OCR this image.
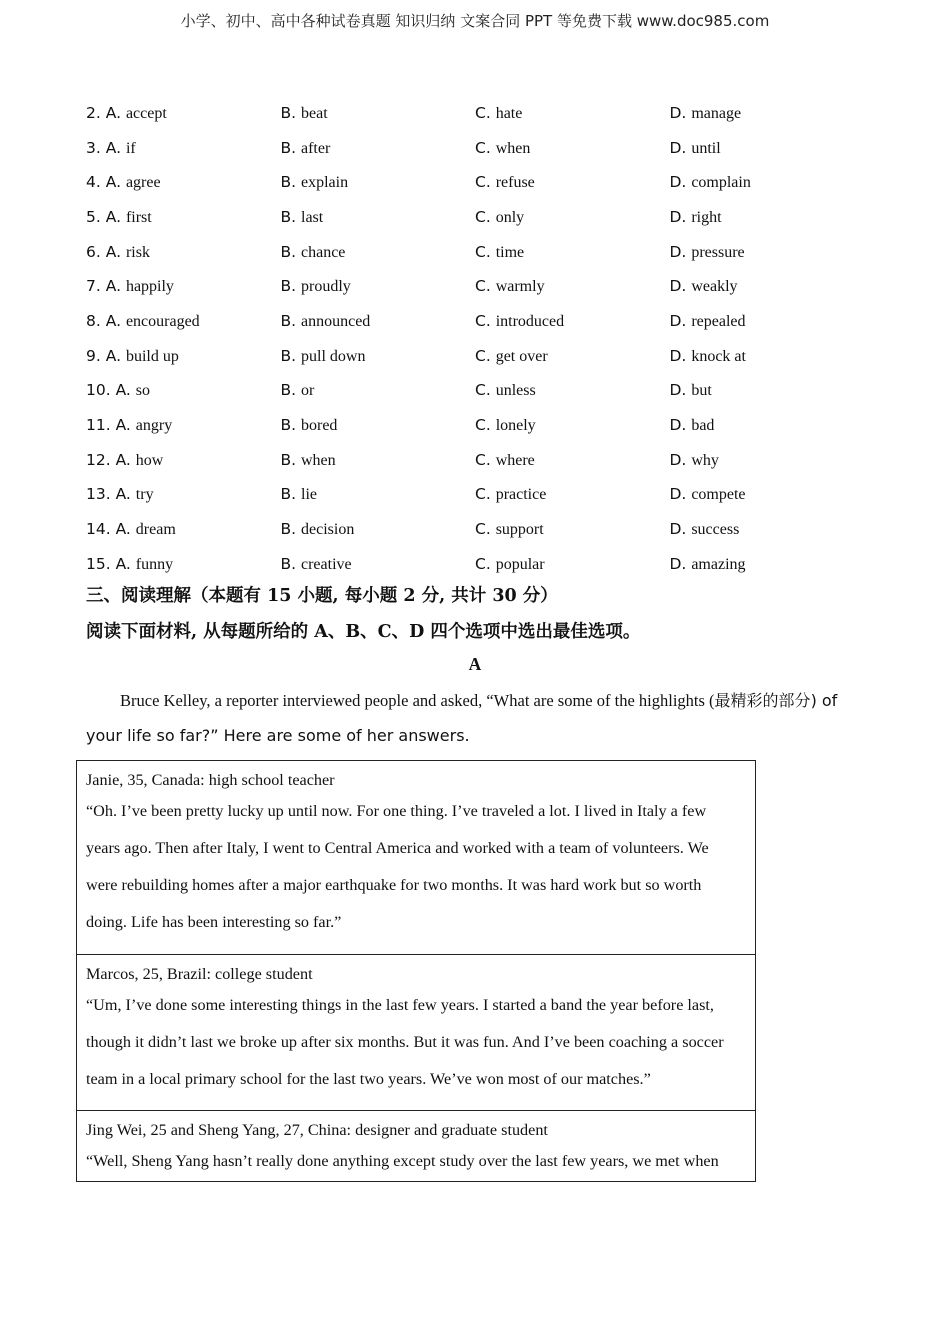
小学、初中、高中各种试卷真题 知识归纳 文案合同 PPT 等免费下载 www.doc985.com
2. A. accept	B. beat	C. hate	D. manage
3. A. if	B. after	C. when	D. until
4. A. agree	B. explain	C. refuse	D. complain
5. A. first	B. last	C. only	D. right
6. A. risk	B. chance	C. time	D. pressure
7. A. happily	B. proudly	C. warmly	D. weakly
8. A. encouraged	B. announced	C. introduced	D. repealed
9. A. build up	B. pull down	C. get over	D. knock at
10. A. so	B. or	C. unless	D. but
11. A. angry	B. bored	C. lonely	D. bad
12. A. how	B. when	C. where	D. why
13. A. try	B. lie	C. practice	D. compete
14. A. dream	B. decision	C. support	D. success
15. A. funny	B. creative	C. popular	D. amazing
三、阅读理解（本题有 15 小题, 每小题 2 分, 共计 30 分）
阅读下面材料, 从每题所给的 A、B、C、D 四个选项中选出最佳选项。
A
Bruce Kelley, a reporter interviewed people and asked, “What are some of the highlights (最精彩的部分) of
your life so far?” Here are some of her answers.
Janie, 35, Canada: high school teacher
“Oh. I’ve been pretty lucky up until now. For one thing. I’ve traveled a lot. I lived in Italy a few
years ago. Then after Italy, I went to Central America and worked with a team of volunteers. We
were rebuilding homes after a major earthquake for two months. It was hard work but so worth
doing. Life has been interesting so far.”
Marcos, 25, Brazil: college student
“Um, I’ve done some interesting things in the last few years. I started a band the year before last,
though it didn’t last we broke up after six months. But it was fun. And I’ve been coaching a soccer
team in a local primary school for the last two years. We’ve won most of our matches.”
Jing Wei, 25 and Sheng Yang, 27, China: designer and graduate student
“Well, Sheng Yang hasn’t really done anything except study over the last few years, we met when
